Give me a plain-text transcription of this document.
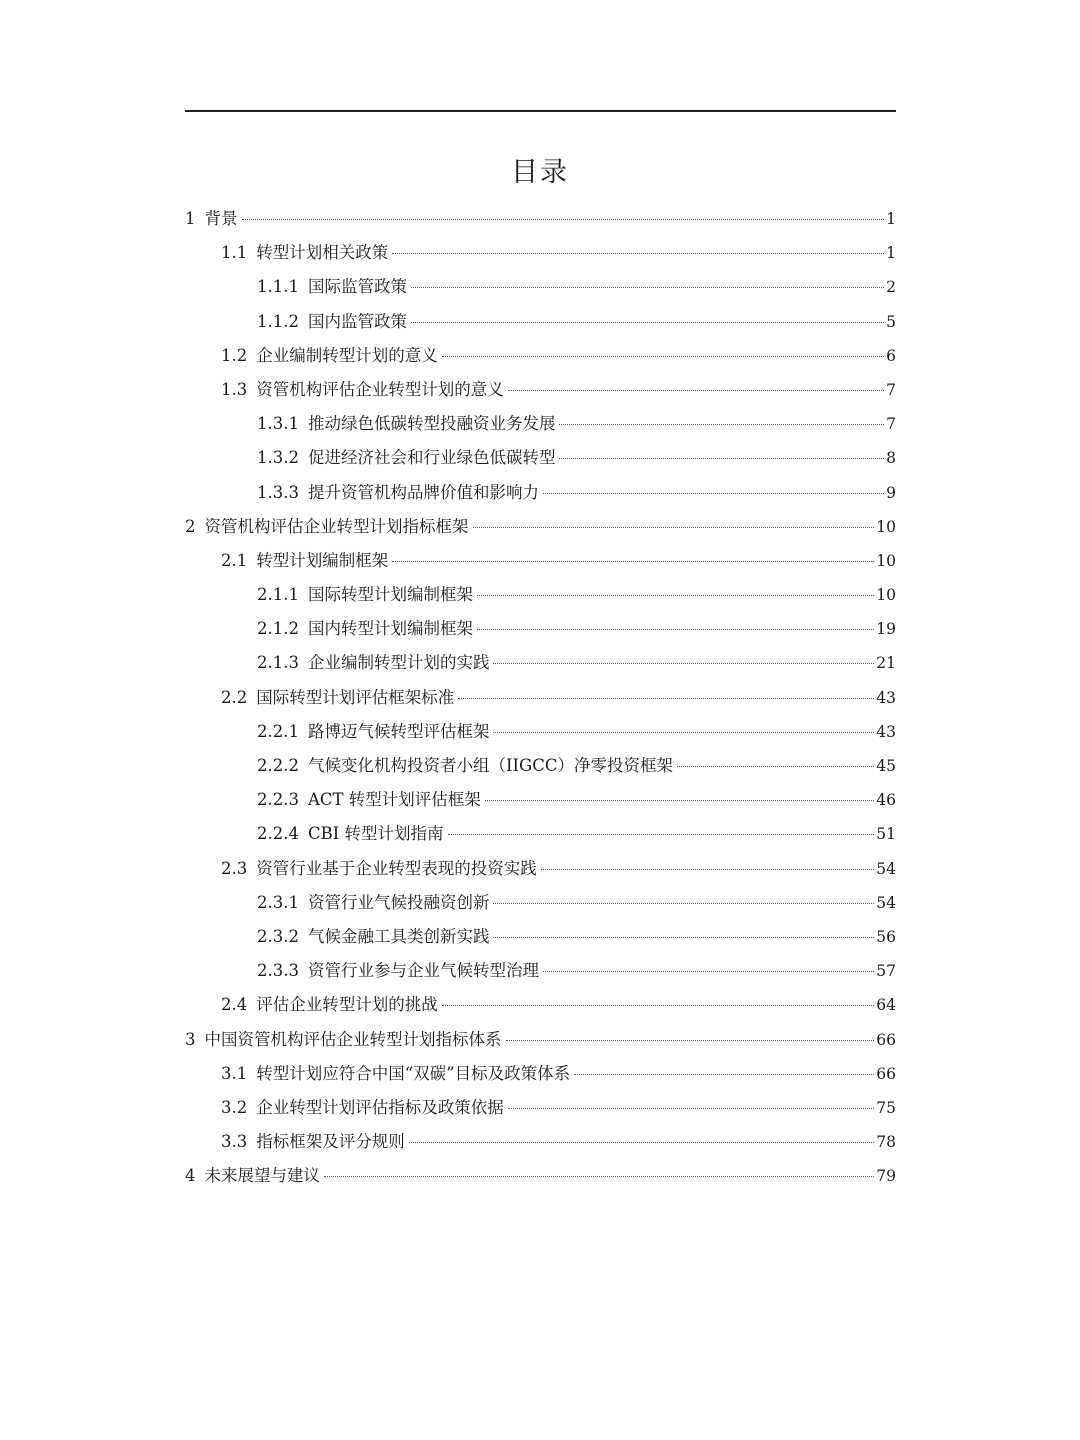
目录
1 背景	1
1.1 转型计划相关政策	1
1.1.1 国际监管政策	2
1.1.2 国内监管政策	5
1.2 企业编制转型计划的意义	6
1.3 资管机构评估企业转型计划的意义	7
1.3.1 推动绿色低碳转型投融资业务发展	7
1.3.2 促进经济社会和行业绿色低碳转型	8
1.3.3 提升资管机构品牌价值和影响力	9
2 资管机构评估企业转型计划指标框架	10
2.1 转型计划编制框架	10
2.1.1 国际转型计划编制框架	10
2.1.2 国内转型计划编制框架	19
2.1.3 企业编制转型计划的实践	21
2.2 国际转型计划评估框架标准	43
2.2.1 路博迈气候转型评估框架	43
2.2.2 气候变化机构投资者小组（IIGCC）净零投资框架	45
2.2.3 ACT 转型计划评估框架	46
2.2.4 CBI 转型计划指南	51
2.3 资管行业基于企业转型表现的投资实践	54
2.3.1 资管行业气候投融资创新	54
2.3.2 气候金融工具类创新实践	56
2.3.3 资管行业参与企业气候转型治理	57
2.4 评估企业转型计划的挑战	64
3 中国资管机构评估企业转型计划指标体系	66
3.1 转型计划应符合中国“双碳”目标及政策体系	66
3.2 企业转型计划评估指标及政策依据	75
3.3 指标框架及评分规则	78
4 未来展望与建议	79
